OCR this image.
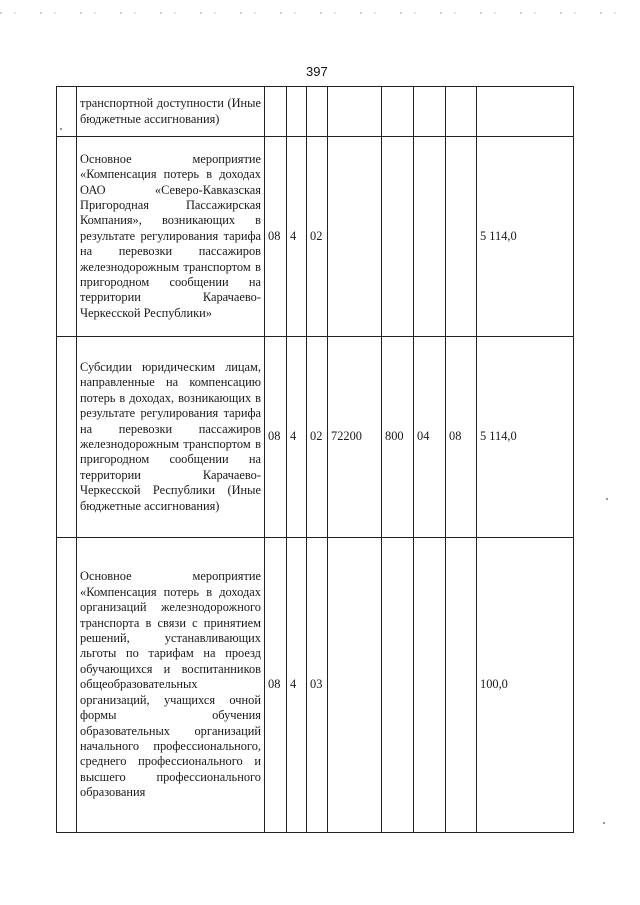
397
	транспортной доступности (Иные бюджетные ассигнования)								
	Основное мероприятие «Компенсация потерь в доходах ОАО «Северо-Кавказская Пригородная Пассажирская Компания», возникающих в результате регулирования тарифа на перевозки пассажиров железнодорожным транспортом в пригородном сообщении на территории Карачаево-Черкесской Республики»	08	4	02					5 114,0
	Субсидии юридическим лицам, направленные на компенсацию потерь в доходах, возникающих в результате регулирования тарифа на перевозки пассажиров железнодорожным транспортом в пригородном сообщении на территории Карачаево-Черкесской Республики (Иные бюджетные ассигнования)	08	4	02	72200	800	04	08	5 114,0
	Основное мероприятие «Компенсация потерь в доходах организаций железнодорожного транспорта в связи с принятием решений, устанавливающих льготы по тарифам на проезд обучающихся и воспитанников общеобразовательных организаций, учащихся очной формы обучения образовательных организаций начального профессионального, среднего профессионального и высшего профессионального образования	08	4	03					100,0
